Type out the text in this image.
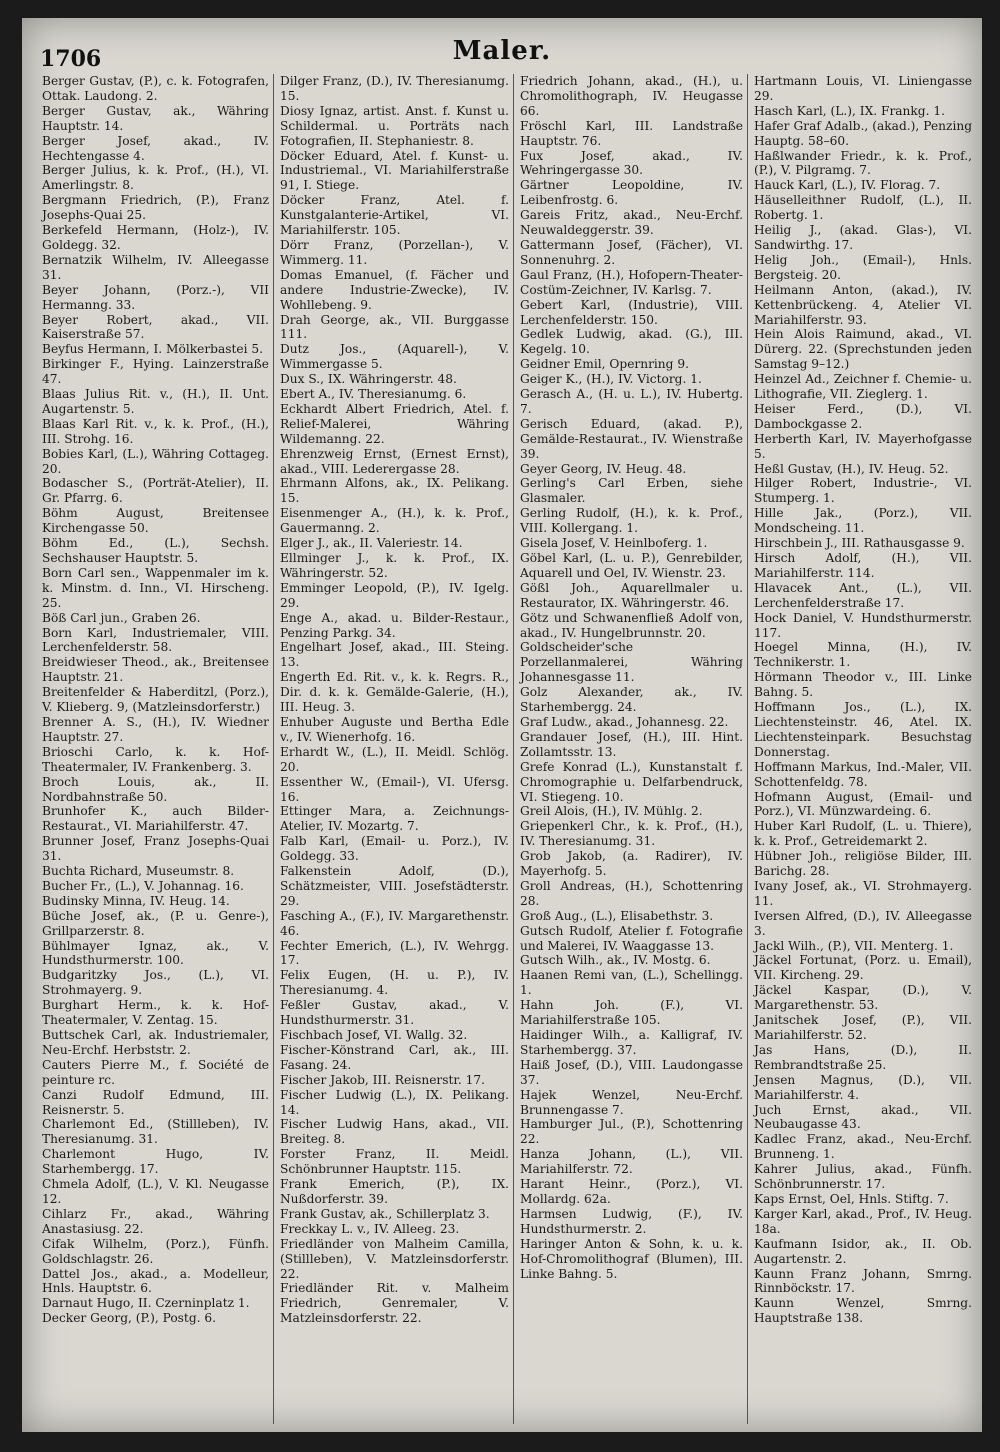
1706	Maler.

Berger Gustav, (P.), c. k. Fotografen, Ottak. Laudong. 2.

Berger Gustav, ak., Währing Hauptstr. 14.

Berger Josef, akad., IV. Hechtengasse 4.

Berger Julius, k. k. Prof., (H.), VI. Amerlingstr. 8.

Bergmann Friedrich, (P.), Franz Josephs-Quai 25.

Berkefeld Hermann, (Holz-), IV. Goldegg. 32.

Bernatzik Wilhelm, IV. Alleegasse 31.

Beyer Johann, (Porz.-), VII Hermanng. 33.

Beyer Robert, akad., VII. Kaiserstraße 57.

Beyfus Hermann, I. Mölkerbastei 5.

Birkinger F., Hying. Lainzerstraße 47.

Blaas Julius Rit. v., (H.), II. Unt. Augartenstr. 5.

Blaas Karl Rit. v., k. k. Prof., (H.), III. Strohg. 16.

Bobies Karl, (L.), Währing Cottageg. 20.

Bodascher S., (Porträt-Atelier), II. Gr. Pfarrg. 6.

Böhm August, Breitensee Kirchengasse 50.

Böhm Ed., (L.), Sechsh. Sechshauser Hauptstr. 5.

Born Carl sen., Wappenmaler im k. k. Minstm. d. Inn., VI. Hirscheng. 25.

Böß Carl jun., Graben 26.

Born Karl, Industriemaler, VIII. Lerchenfelderstr. 58.

Breidwieser Theod., ak., Breitensee Hauptstr. 21.

Breitenfelder & Haberditzl, (Porz.), V. Klieberg. 9, (Matzleinsdorferstr.)

Brenner A. S., (H.), IV. Wiedner Hauptstr. 27.

Brioschi Carlo, k. k. Hof-Theatermaler, IV. Frankenberg. 3.

Broch Louis, ak., II. Nordbahnstraße 50.

Brunhofer K., auch Bilder-Restaurat., VI. Mariahilferstr. 47.

Brunner Josef, Franz Josephs-Quai 31.

Buchta Richard, Museumstr. 8.

Bucher Fr., (L.), V. Johannag. 16.

Budinsky Minna, IV. Heug. 14.

Büche Josef, ak., (P. u. Genre-), Grillparzerstr. 8.

Bühlmayer Ignaz, ak., V. Hundsthurmerstr. 100.

Budgaritzky Jos., (L.), VI. Strohmayerg. 9.

Burghart Herm., k. k. Hof-Theatermaler, V. Zentag. 15.

Buttschek Carl, ak. Industriemaler, Neu-Erchf. Herbststr. 2.

Cauters Pierre M., f. Société de peinture rc.

Canzi Rudolf Edmund, III. Reisnerstr. 5.

Charlemont Ed., (Stillleben), IV. Theresianumg. 31.

Charlemont Hugo, IV. Starhembergg. 17.

Chmela Adolf, (L.), V. Kl. Neugasse 12.

Cihlarz Fr., akad., Währing Anastasiusg. 22.

Cifak Wilhelm, (Porz.), Fünfh. Goldschlagstr. 26.

Dattel Jos., akad., a. Modelleur, Hnls. Hauptstr. 6.

Darnaut Hugo, II. Czerninplatz 1.

Decker Georg, (P.), Postg. 6.

Dilger Franz, (D.), IV. Theresianumg. 15.

Diosy Ignaz, artist. Anst. f. Kunst u. Schildermal. u. Porträts nach Fotografien, II. Stephaniestr. 8.

Döcker Eduard, Atel. f. Kunst- u. Industriemal., VI. Mariahilferstraße 91, I. Stiege.

Döcker Franz, Atel. f. Kunstgalanterie-Artikel, VI. Mariahilferstr. 105.

Dörr Franz, (Porzellan-), V. Wimmerg. 11.

Domas Emanuel, (f. Fächer und andere Industrie-Zwecke), IV. Wohllebeng. 9.

Drah George, ak., VII. Burggasse 111.

Dutz Jos., (Aquarell-), V. Wimmergasse 5.

Dux S., IX. Währingerstr. 48.

Ebert A., IV. Theresianumg. 6.

Eckhardt Albert Friedrich, Atel. f. Relief-Malerei, Währing Wildemanng. 22.

Ehrenzweig Ernst, (Ernest Ernst), akad., VIII. Lederergasse 28.

Ehrmann Alfons, ak., IX. Pelikang. 15.

Eisenmenger A., (H.), k. k. Prof., Gauermanng. 2.

Elger J., ak., II. Valeriestr. 14.

Ellminger J., k. k. Prof., IX. Währingerstr. 52.

Emminger Leopold, (P.), IV. Igelg. 29.

Enge A., akad. u. Bilder-Restaur., Penzing Parkg. 34.

Engelhart Josef, akad., III. Steing. 13.

Engerth Ed. Rit. v., k. k. Regrs. R., Dir. d. k. k. Gemälde-Galerie, (H.), III. Heug. 3.

Enhuber Auguste und Bertha Edle v., IV. Wienerhofg. 16.

Erhardt W., (L.), II. Meidl. Schlög. 20.

Essenther W., (Email-), VI. Ufersg. 16.

Ettinger Mara, a. Zeichnungs-Atelier, IV. Mozartg. 7.

Falb Karl, (Email- u. Porz.), IV. Goldegg. 33.

Falkenstein Adolf, (D.), Schätzmeister, VIII. Josefstädterstr. 29.

Fasching A., (F.), IV. Margarethenstr. 46.

Fechter Emerich, (L.), IV. Wehrgg. 17.

Felix Eugen, (H. u. P.), IV. Theresianumg. 4.

Feßler Gustav, akad., V. Hundsthurmerstr. 31.

Fischbach Josef, VI. Wallg. 32.

Fischer-Könstrand Carl, ak., III. Fasang. 24.

Fischer Jakob, III. Reisnerstr. 17.

Fischer Ludwig (L.), IX. Pelikang. 14.

Fischer Ludwig Hans, akad., VII. Breiteg. 8.

Forster Franz, II. Meidl. Schönbrunner Hauptstr. 115.

Frank Emerich, (P.), IX. Nußdorferstr. 39.

Frank Gustav, ak., Schillerplatz 3.

Freckkay L. v., IV. Alleeg. 23.

Friedländer von Malheim Camilla, (Stillleben), V. Matzleinsdorferstr. 22.

Friedländer Rit. v. Malheim Friedrich, Genremaler, V. Matzleinsdorferstr. 22.

Friedrich Johann, akad., (H.), u. Chromolithograph, IV. Heugasse 66.

Fröschl Karl, III. Landstraße Hauptstr. 76.

Fux Josef, akad., IV. Wehringergasse 30.

Gärtner Leopoldine, IV. Leibenfrostg. 6.

Gareis Fritz, akad., Neu-Erchf. Neuwaldeggerstr. 39.

Gattermann Josef, (Fächer), VI. Sonnenuhrg. 2.

Gaul Franz, (H.), Hofopern-Theater-Costüm-Zeichner, IV. Karlsg. 7.

Gebert Karl, (Industrie), VIII. Lerchenfelderstr. 150.

Gedlek Ludwig, akad. (G.), III. Kegelg. 10.

Geidner Emil, Opernring 9.

Geiger K., (H.), IV. Victorg. 1.

Gerasch A., (H. u. L.), IV. Hubertg. 7.

Gerisch Eduard, (akad. P.), Gemälde-Restaurat., IV. Wienstraße 39.

Geyer Georg, IV. Heug. 48.

Gerling's Carl Erben, siehe Glasmaler.

Gerling Rudolf, (H.), k. k. Prof., VIII. Kollergang. 1.

Gisela Josef, V. Heinlboferg. 1.

Göbel Karl, (L. u. P.), Genrebilder, Aquarell und Oel, IV. Wienstr. 23.

Gößl Joh., Aquarellmaler u. Restaurator, IX. Währingerstr. 46.

Götz und Schwanenfließ Adolf von, akad., IV. Hungelbrunnstr. 20.

Goldscheider'sche Porzellanmalerei, Währing Johannesgasse 11.

Golz Alexander, ak., IV. Starhembergg. 24.

Graf Ludw., akad., Johannesg. 22.

Grandauer Josef, (H.), III. Hint. Zollamtsstr. 13.

Grefe Konrad (L.), Kunstanstalt f. Chromographie u. Delfarbendruck, VI. Stiegeng. 10.

Greil Alois, (H.), IV. Mühlg. 2.

Griepenkerl Chr., k. k. Prof., (H.), IV. Theresianumg. 31.

Grob Jakob, (a. Radirer), IV. Mayerhofg. 5.

Groll Andreas, (H.), Schottenring 28.

Groß Aug., (L.), Elisabethstr. 3.

Gutsch Rudolf, Atelier f. Fotografie und Malerei, IV. Waaggasse 13.

Gutsch Wilh., ak., IV. Mostg. 6.

Haanen Remi van, (L.), Schellingg. 1.

Hahn Joh. (F.), VI. Mariahilferstraße 105.

Haidinger Wilh., a. Kalligraf, IV. Starhembergg. 37.

Haiß Josef, (D.), VIII. Laudongasse 37.

Hajek Wenzel, Neu-Erchf. Brunnengasse 7.

Hamburger Jul., (P.), Schottenring 22.

Hanza Johann, (L.), VII. Mariahilferstr. 72.

Harant Heinr., (Porz.), VI. Mollardg. 62a.

Harmsen Ludwig, (F.), IV. Hundsthurmerstr. 2.

Haringer Anton & Sohn, k. u. k. Hof-Chromolithograf (Blumen), III. Linke Bahng. 5.

Hartmann Louis, VI. Liniengasse 29.

Hasch Karl, (L.), IX. Frankg. 1.

Hafer Graf Adalb., (akad.), Penzing Hauptg. 58–60.

Haßlwander Friedr., k. k. Prof., (P.), V. Pilgramg. 7.

Hauck Karl, (L.), IV. Florag. 7.

Häuselleithner Rudolf, (L.), II. Robertg. 1.

Heilig J., (akad. Glas-), VI. Sandwirthg. 17.

Helig Joh., (Email-), Hnls. Bergsteig. 20.

Heilmann Anton, (akad.), IV. Kettenbrückeng. 4, Atelier VI. Mariahilferstr. 93.

Hein Alois Raimund, akad., VI. Dürerg. 22. (Sprechstunden jeden Samstag 9–12.)

Heinzel Ad., Zeichner f. Chemie- u. Lithografie, VII. Zieglerg. 1.

Heiser Ferd., (D.), VI. Dambockgasse 2.

Herberth Karl, IV. Mayerhofgasse 5.

Heßl Gustav, (H.), IV. Heug. 52.

Hilger Robert, Industrie-, VI. Stumperg. 1.

Hille Jak., (Porz.), VII. Mondscheing. 11.

Hirschbein J., III. Rathausgasse 9.

Hirsch Adolf, (H.), VII. Mariahilferstr. 114.

Hlavacek Ant., (L.), VII. Lerchenfelderstraße 17.

Hock Daniel, V. Hundsthurmerstr. 117.

Hoegel Minna, (H.), IV. Technikerstr. 1.

Hörmann Theodor v., III. Linke Bahng. 5.

Hoffmann Jos., (L.), IX. Liechtensteinstr. 46, Atel. IX. Liechtensteinpark. Besuchstag Donnerstag.

Hoffmann Markus, Ind.-Maler, VII. Schottenfeldg. 78.

Hofmann August, (Email- und Porz.), VI. Münzwardeing. 6.

Huber Karl Rudolf, (L. u. Thiere), k. k. Prof., Getreidemarkt 2.

Hübner Joh., religiöse Bilder, III. Barichg. 28.

Ivany Josef, ak., VI. Strohmayerg. 11.

Iversen Alfred, (D.), IV. Alleegasse 3.

Jackl Wilh., (P.), VII. Menterg. 1.

Jäckel Fortunat, (Porz. u. Email), VII. Kircheng. 29.

Jäckel Kaspar, (D.), V. Margarethenstr. 53.

Janitschek Josef, (P.), VII. Mariahilferstr. 52.

Jas Hans, (D.), II. Rembrandtstraße 25.

Jensen Magnus, (D.), VII. Mariahilferstr. 4.

Juch Ernst, akad., VII. Neubaugasse 43.

Kadlec Franz, akad., Neu-Erchf. Brunneng. 1.

Kahrer Julius, akad., Fünfh. Schönbrunnerstr. 17.

Kaps Ernst, Oel, Hnls. Stiftg. 7.

Karger Karl, akad., Prof., IV. Heug. 18a.

Kaufmann Isidor, ak., II. Ob. Augartenstr. 2.

Kaunn Franz Johann, Smrng. Rinnböckstr. 17.

Kaunn Wenzel, Smrng. Hauptstraße 138.
